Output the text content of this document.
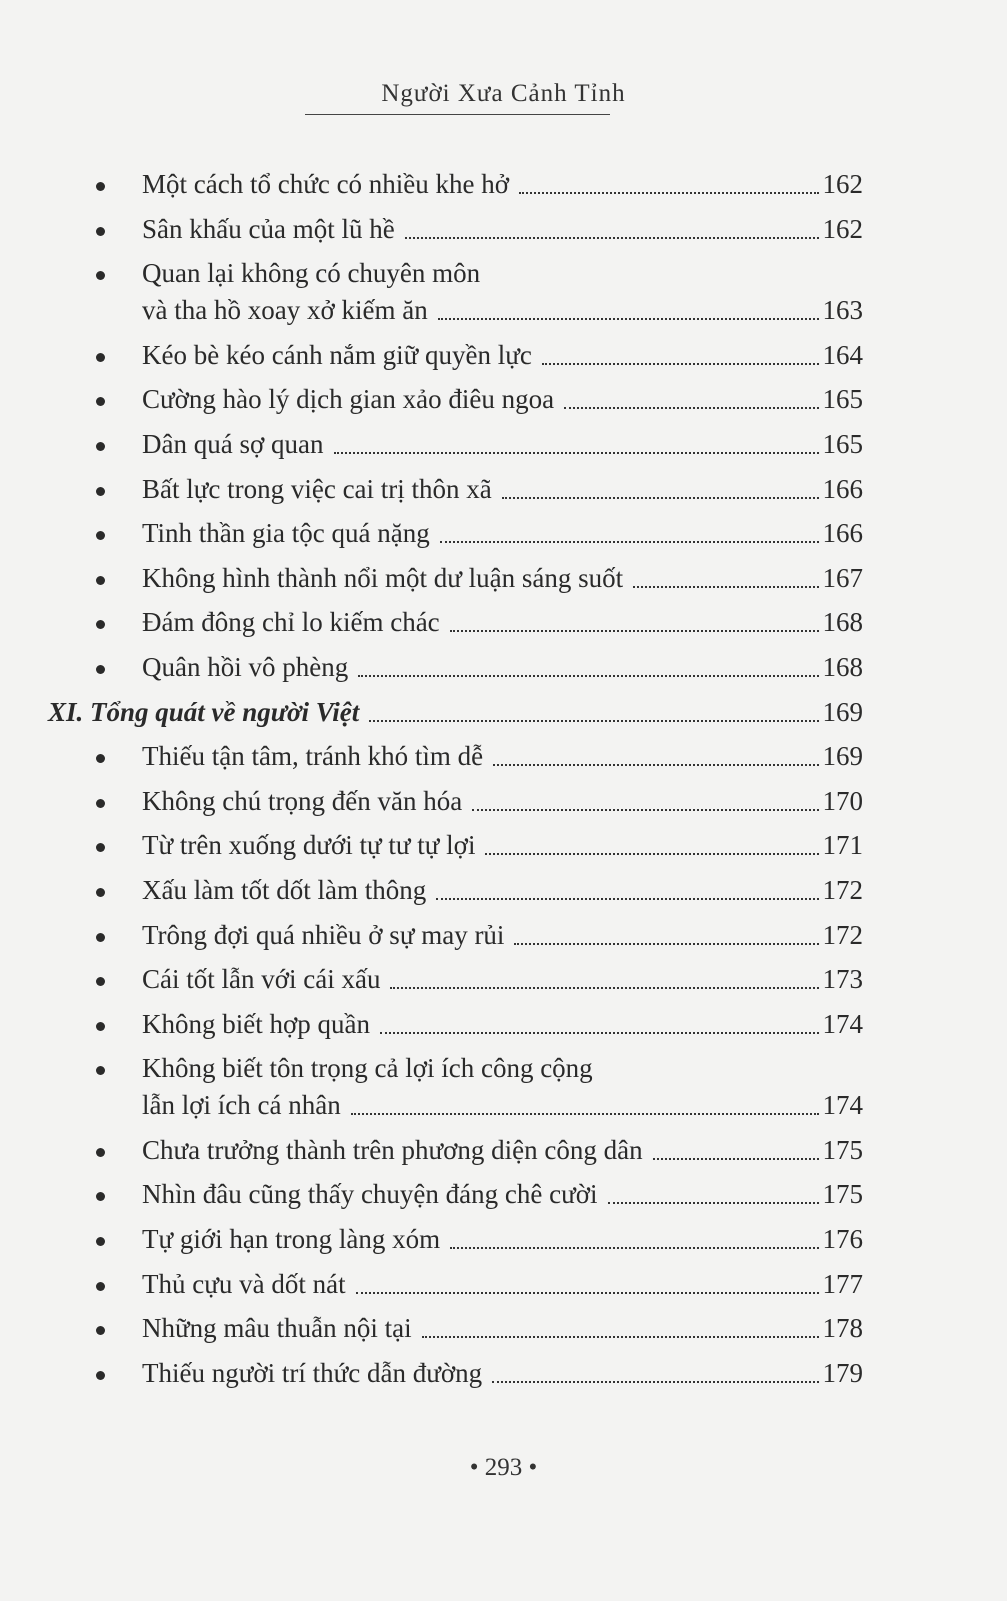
Người Xưa Cảnh Tỉnh
Một cách tổ chức có nhiều khe hở	162
Sân khấu của một lũ hề	162
Quan lại không có chuyên môn
và tha hồ xoay xở kiếm ăn	163
Kéo bè kéo cánh nắm giữ quyền lực	164
Cường hào lý dịch gian xảo điêu ngoa	165
Dân quá sợ quan	165
Bất lực trong việc cai trị thôn xã	166
Tinh thần gia tộc quá nặng	166
Không hình thành nổi một dư luận sáng suốt	167
Đám đông chỉ lo kiếm chác	168
Quân hồi vô phèng	168
XI. Tổng quát về người Việt	169
Thiếu tận tâm, tránh khó tìm dễ	169
Không chú trọng đến văn hóa	170
Từ trên xuống dưới tự tư tự lợi	171
Xấu làm tốt dốt làm thông	172
Trông đợi quá nhiều ở sự may rủi	172
Cái tốt lẫn với cái xấu	173
Không biết hợp quần	174
Không biết tôn trọng cả lợi ích công cộng
lẫn lợi ích cá nhân	174
Chưa trưởng thành trên phương diện công dân	175
Nhìn đâu cũng thấy chuyện đáng chê cười	175
Tự giới hạn trong làng xóm	176
Thủ cựu và dốt nát	177
Những mâu thuẫn nội tại	178
Thiếu người trí thức dẫn đường	179
• 293 •
